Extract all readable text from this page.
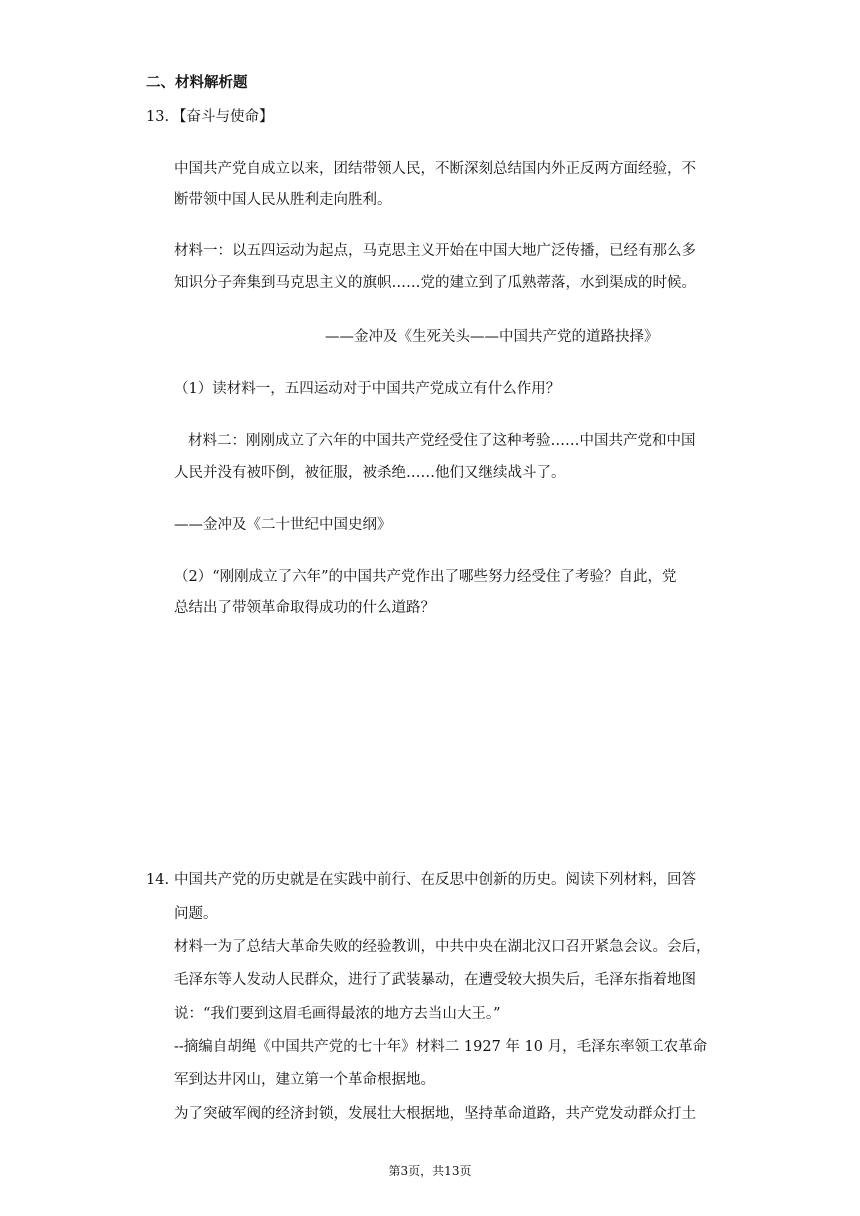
二、材料解析题
13. 【奋斗与使命】
中国共产党自成立以来，团结带领人民，不断深刻总结国内外正反两方面经验，不
断带领中国人民从胜利走向胜利。
材料一：以五四运动为起点，马克思主义开始在中国大地广泛传播，已经有那么多
知识分子奔集到马克思主义的旗帜……党的建立到了瓜熟蒂落，水到渠成的时候。
——金冲及《生死关头——中国共产党的道路抉择》
（1）读材料一，五四运动对于中国共产党成立有什么作用？
材料二：刚刚成立了六年的中国共产党经受住了这种考验……中国共产党和中国
人民并没有被吓倒，被征服，被杀绝……他们又继续战斗了。
——金冲及《二十世纪中国史纲》
（2）“刚刚成立了六年”的中国共产党作出了哪些努力经受住了考验？自此，党
总结出了带领革命取得成功的什么道路？
14. 中国共产党的历史就是在实践中前行、在反思中创新的历史。阅读下列材料，回答
问题。
材料一为了总结大革命失败的经验教训，中共中央在湖北汉口召开紧急会议。会后，
毛泽东等人发动人民群众，进行了武装暴动，在遭受较大损失后，毛泽东指着地图
说：“我们要到这眉毛画得最浓的地方去当山大王。”
--摘编自胡绳《中国共产党的七十年》材料二 1927 年 10 月，毛泽东率领工农革命
军到达井冈山，建立第一个革命根据地。
为了突破军阀的经济封锁，发展壮大根据地，坚持革命道路，共产党发动群众打土
第3页，共13页
